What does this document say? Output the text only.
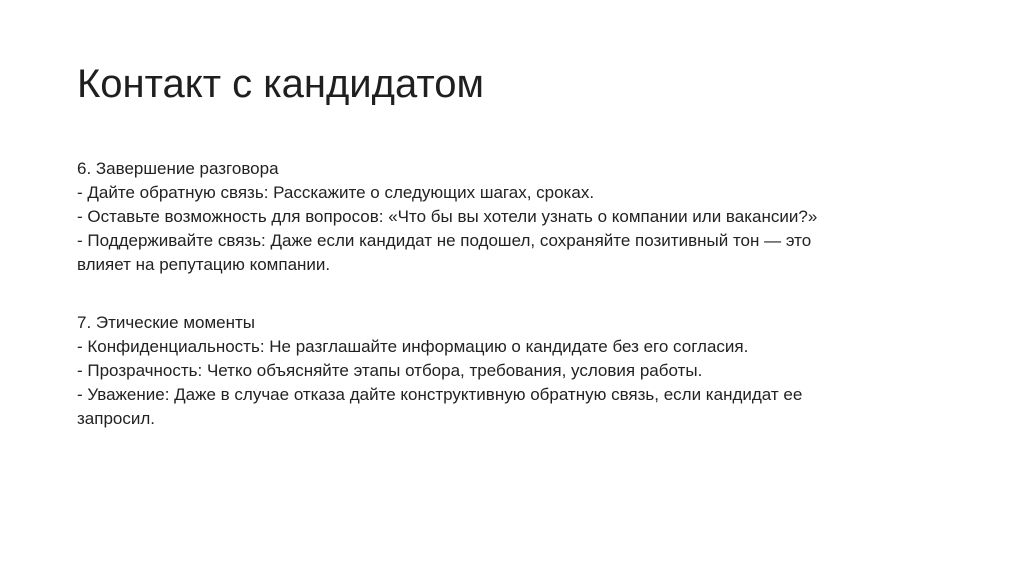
Контакт с кандидатом
6. Завершение разговора
- Дайте обратную связь: Расскажите о следующих шагах, сроках.
- Оставьте возможность для вопросов: «Что бы вы хотели узнать о компании или вакансии?»
- Поддерживайте связь: Даже если кандидат не подошел, сохраняйте позитивный тон — это
влияет на репутацию компании.
7. Этические моменты
- Конфиденциальность: Не разглашайте информацию о кандидате без его согласия.
- Прозрачность: Четко объясняйте этапы отбора, требования, условия работы.
- Уважение: Даже в случае отказа дайте конструктивную обратную связь, если кандидат ее
запросил.
